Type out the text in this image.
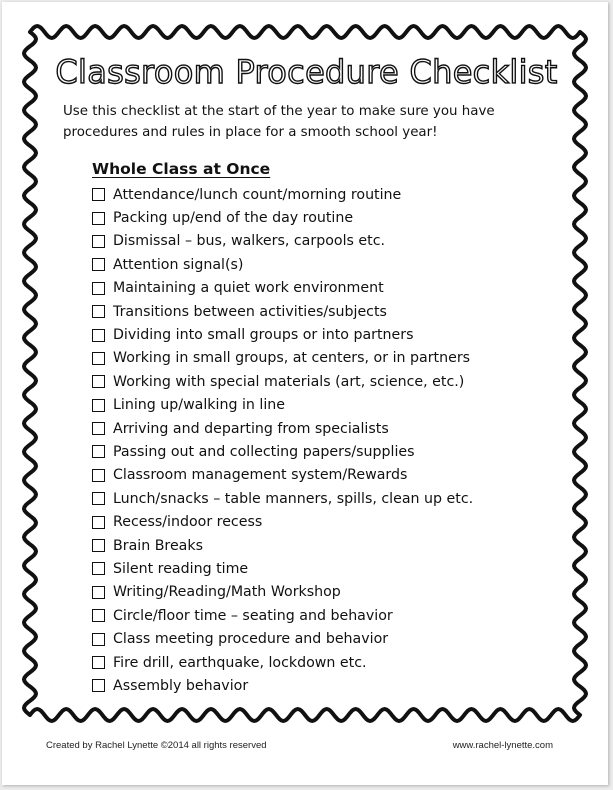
Classroom Procedure Checklist
Use this checklist at the start of the year to make sure you have procedures and rules in place for a smooth school year!
Whole Class at Once
Attendance/lunch count/morning routine
Packing up/end of the day routine
Dismissal – bus, walkers, carpools etc.
Attention signal(s)
Maintaining a quiet work environment
Transitions between activities/subjects
Dividing into small groups or into partners
Working in small groups, at centers, or in partners
Working with special materials (art, science, etc.)
Lining up/walking in line
Arriving and departing from specialists
Passing out and collecting papers/supplies
Classroom management system/Rewards
Lunch/snacks – table manners, spills, clean up etc.
Recess/indoor recess
Brain Breaks
Silent reading time
Writing/Reading/Math Workshop
Circle/floor time – seating and behavior
Class meeting procedure and behavior
Fire drill, earthquake, lockdown etc.
Assembly behavior
Created by Rachel Lynette ©2014 all rights reserved	www.rachel-lynette.com
